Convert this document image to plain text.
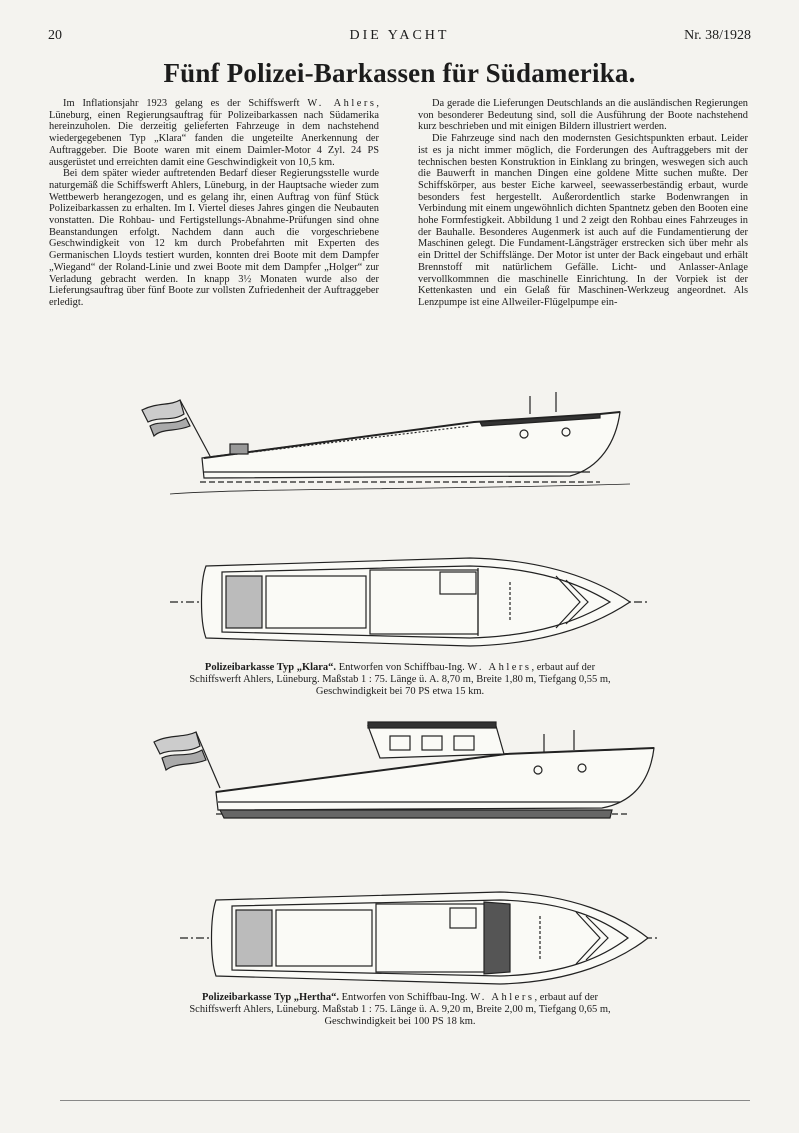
20	DIE YACHT	Nr. 38/1928
Fünf Polizei-Barkassen für Südamerika.

Im Inflationsjahr 1923 gelang es der Schiffswerft W. Ahlers, Lüneburg, einen Regierungsauftrag für Polizeibarkassen nach Südamerika hereinzuholen. Die derzeitig gelieferten Fahrzeuge in dem nachstehend wiedergegebenen Typ „Klara“ fanden die ungeteilte Anerkennung der Auftraggeber. Die Boote waren mit einem Daimler-Motor 4 Zyl. 24 PS ausgerüstet und erreichten damit eine Geschwindigkeit von 10,5 km.

Bei dem später wieder auftretenden Bedarf dieser Regierungsstelle wurde naturgemäß die Schiffswerft Ahlers, Lüneburg, in der Hauptsache wieder zum Wettbewerb herangezogen, und es gelang ihr, einen Auftrag von fünf Stück Polizeibarkassen zu erhalten. Im I. Viertel dieses Jahres gingen die Neubauten vonstatten. Die Rohbau- und Fertigstellungs-Abnahme-Prüfungen sind ohne Beanstandungen erfolgt. Nachdem dann auch die vorgeschriebene Geschwindigkeit von 12 km durch Probefahrten mit Experten des Germanischen Lloyds testiert wurden, konnten drei Boote mit dem Dampfer „Wiegand“ der Roland-Linie und zwei Boote mit dem Dampfer „Holger“ zur Verladung gebracht werden. In knapp 3½ Monaten wurde also der Lieferungsauftrag über fünf Boote zur vollsten Zufriedenheit der Auftraggeber erledigt.

Da gerade die Lieferungen Deutschlands an die ausländischen Regierungen von besonderer Bedeutung sind, soll die Ausführung der Boote nachstehend kurz beschrieben und mit einigen Bildern illustriert werden.

Die Fahrzeuge sind nach den modernsten Gesichtspunkten erbaut. Leider ist es ja nicht immer möglich, die Forderungen des Auftraggebers mit der technischen besten Konstruktion in Einklang zu bringen, weswegen sich auch die Bauwerft in manchen Dingen eine goldene Mitte suchen mußte. Der Schiffskörper, aus bester Eiche karweel, seewasserbeständig erbaut, wurde besonders fest hergestellt. Außerordentlich starke Bodenwrangen in Verbindung mit einem ungewöhnlich dichten Spantnetz geben den Booten eine hohe Formfestigkeit. Abbildung 1 und 2 zeigt den Rohbau eines Fahrzeuges in der Bauhalle. Besonderes Augenmerk ist auch auf die Fundamentierung der Maschinen gelegt. Die Fundament-Längsträger erstrecken sich über mehr als ein Drittel der Schiffslänge. Der Motor ist unter der Back eingebaut und erhält Brennstoff mit natürlichem Gefälle. Licht- und Anlasser-Anlage vervollkommnen die maschinelle Einrichtung. In der Vorpiek ist der Kettenkasten und ein Gelaß für Maschinen-Werkzeug angeordnet. Als Lenzpumpe ist eine Allweiler-Flügelpumpe ein-

Polizeibarkasse Typ „Klara“. Entworfen von Schiffbau-Ing. W. Ahlers, erbaut auf der
Schiffswerft Ahlers, Lüneburg. Maßstab 1 : 75. Länge ü. A. 8,70 m, Breite 1,80 m, Tiefgang 0,55 m,
Geschwindigkeit bei 70 PS etwa 15 km.
Polizeibarkasse Typ „Hertha“. Entworfen von Schiffbau-Ing. W. Ahlers, erbaut auf der
Schiffswerft Ahlers, Lüneburg. Maßstab 1 : 75. Länge ü. A. 9,20 m, Breite 2,00 m, Tiefgang 0,65 m,
Geschwindigkeit bei 100 PS 18 km.
